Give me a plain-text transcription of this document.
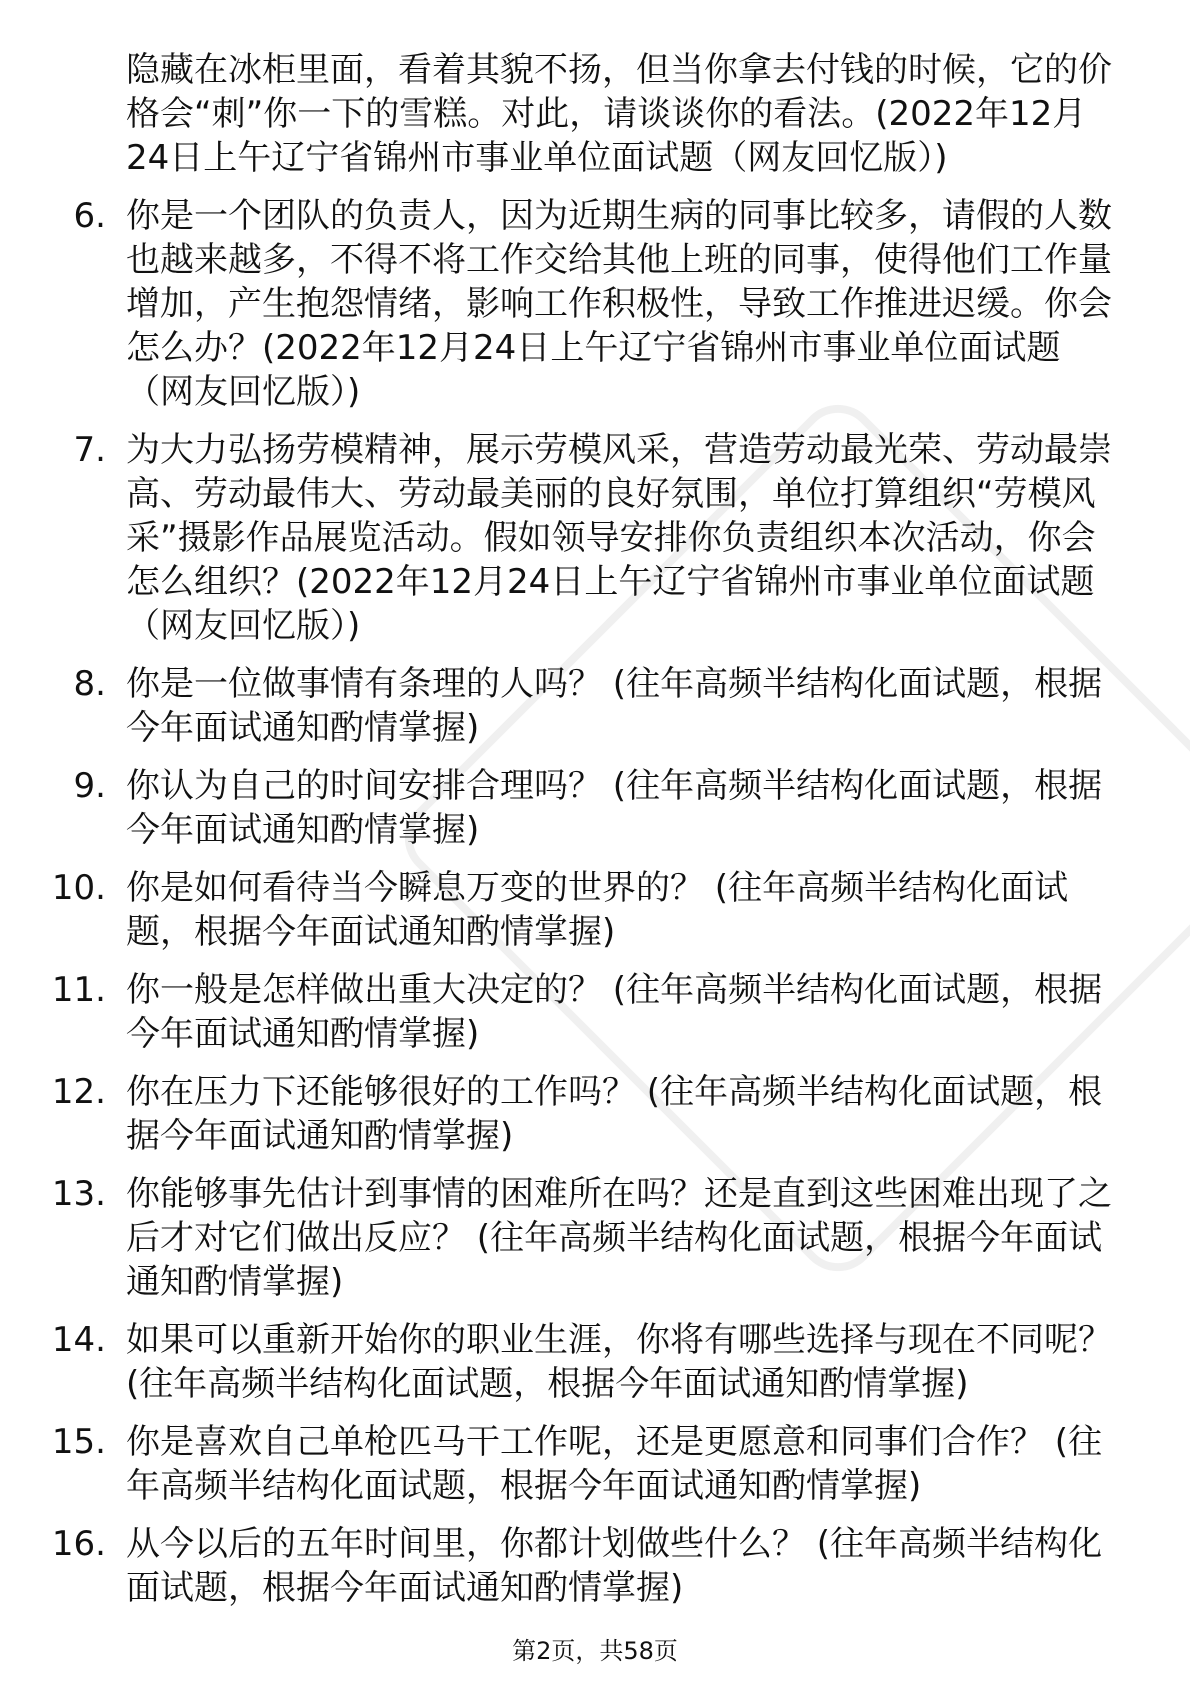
隐藏在冰柜里面，看着其貌不扬，但当你拿去付钱的时候，它的价格会“刺”你一下的雪糕。对此，请谈谈你的看法。(2022年12月24日上午辽宁省锦州市事业单位面试题（网友回忆版）)
6. 你是一个团队的负责人，因为近期生病的同事比较多，请假的人数也越来越多，不得不将工作交给其他上班的同事，使得他们工作量增加，产生抱怨情绪，影响工作积极性，导致工作推进迟缓。你会怎么办？(2022年12月24日上午辽宁省锦州市事业单位面试题（网友回忆版）)
7. 为大力弘扬劳模精神，展示劳模风采，营造劳动最光荣、劳动最崇高、劳动最伟大、劳动最美丽的良好氛围，单位打算组织“劳模风采”摄影作品展览活动。假如领导安排你负责组织本次活动，你会怎么组织？(2022年12月24日上午辽宁省锦州市事业单位面试题（网友回忆版）)
8. 你是一位做事情有条理的人吗？ (往年高频半结构化面试题，根据今年面试通知酌情掌握)
9. 你认为自己的时间安排合理吗？ (往年高频半结构化面试题，根据今年面试通知酌情掌握)
10. 你是如何看待当今瞬息万变的世界的？ (往年高频半结构化面试题，根据今年面试通知酌情掌握)
11. 你一般是怎样做出重大决定的？ (往年高频半结构化面试题，根据今年面试通知酌情掌握)
12. 你在压力下还能够很好的工作吗？ (往年高频半结构化面试题，根据今年面试通知酌情掌握)
13. 你能够事先估计到事情的困难所在吗？还是直到这些困难出现了之后才对它们做出反应？ (往年高频半结构化面试题，根据今年面试通知酌情掌握)
14. 如果可以重新开始你的职业生涯，你将有哪些选择与现在不同呢？ (往年高频半结构化面试题，根据今年面试通知酌情掌握)
15. 你是喜欢自己单枪匹马干工作呢，还是更愿意和同事们合作？ (往年高频半结构化面试题，根据今年面试通知酌情掌握)
16. 从今以后的五年时间里，你都计划做些什么？ (往年高频半结构化面试题，根据今年面试通知酌情掌握)
第2页，共58页
